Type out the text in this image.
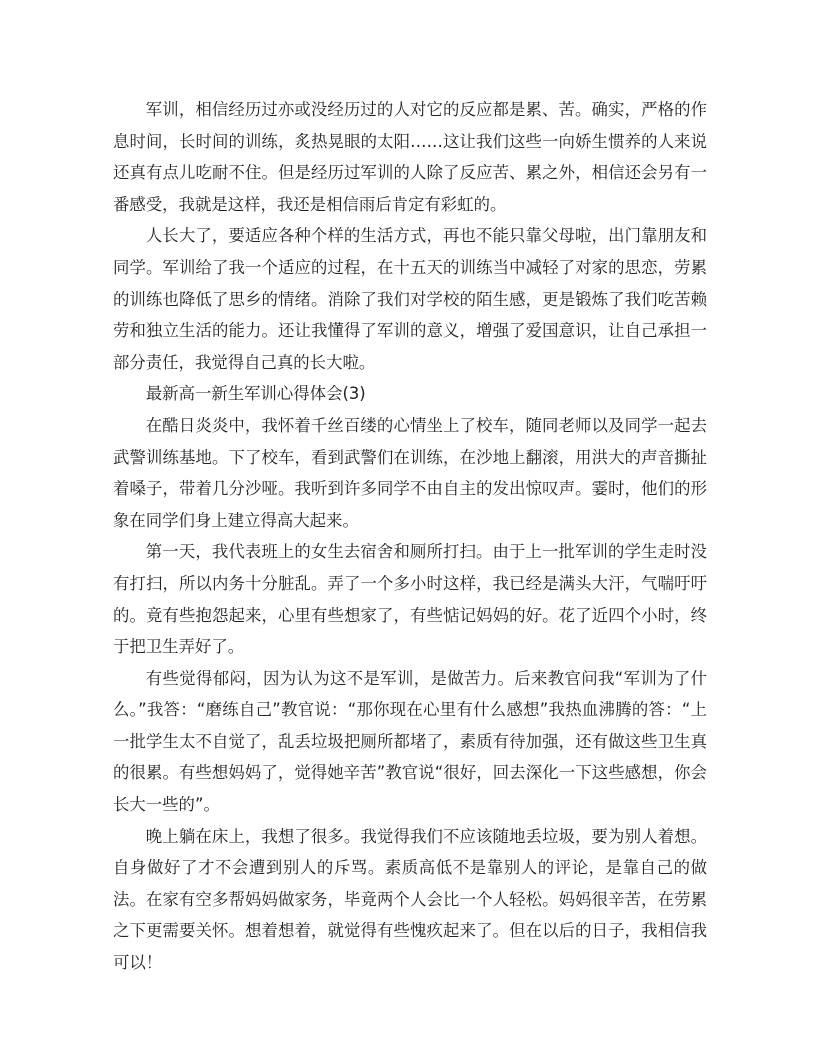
军训，相信经历过亦或没经历过的人对它的反应都是累、苦。确实，严格的作息时间，长时间的训练，炙热晃眼的太阳……这让我们这些一向娇生惯养的人来说还真有点儿吃耐不住。但是经历过军训的人除了反应苦、累之外，相信还会另有一番感受，我就是这样，我还是相信雨后肯定有彩虹的。

人长大了，要适应各种个样的生活方式，再也不能只靠父母啦，出门靠朋友和同学。军训给了我一个适应的过程，在十五天的训练当中减轻了对家的思恋，劳累的训练也降低了思乡的情绪。消除了我们对学校的陌生感，更是锻炼了我们吃苦赖劳和独立生活的能力。还让我懂得了军训的意义，增强了爱国意识，让自己承担一部分责任，我觉得自己真的长大啦。

最新高一新生军训心得体会(3)

在酷日炎炎中，我怀着千丝百缕的心情坐上了校车，随同老师以及同学一起去武警训练基地。下了校车，看到武警们在训练，在沙地上翻滚，用洪大的声音撕扯着嗓子，带着几分沙哑。我听到许多同学不由自主的发出惊叹声。霎时，他们的形象在同学们身上建立得高大起来。

第一天，我代表班上的女生去宿舍和厕所打扫。由于上一批军训的学生走时没有打扫，所以内务十分脏乱。弄了一个多小时这样，我已经是满头大汗，气喘吁吁的。竟有些抱怨起来，心里有些想家了，有些惦记妈妈的好。花了近四个小时，终于把卫生弄好了。

有些觉得郁闷，因为认为这不是军训，是做苦力。后来教官问我“军训为了什么。”我答：“磨练自己”教官说：“那你现在心里有什么感想”我热血沸腾的答：“上一批学生太不自觉了，乱丢垃圾把厕所都堵了，素质有待加强，还有做这些卫生真的很累。有些想妈妈了，觉得她辛苦”教官说“很好，回去深化一下这些感想，你会长大一些的”。

晚上躺在床上，我想了很多。我觉得我们不应该随地丢垃圾，要为别人着想。自身做好了才不会遭到别人的斥骂。素质高低不是靠别人的评论，是靠自己的做法。在家有空多帮妈妈做家务，毕竟两个人会比一个人轻松。妈妈很辛苦，在劳累之下更需要关怀。想着想着，就觉得有些愧疚起来了。但在以后的日子，我相信我可以！
